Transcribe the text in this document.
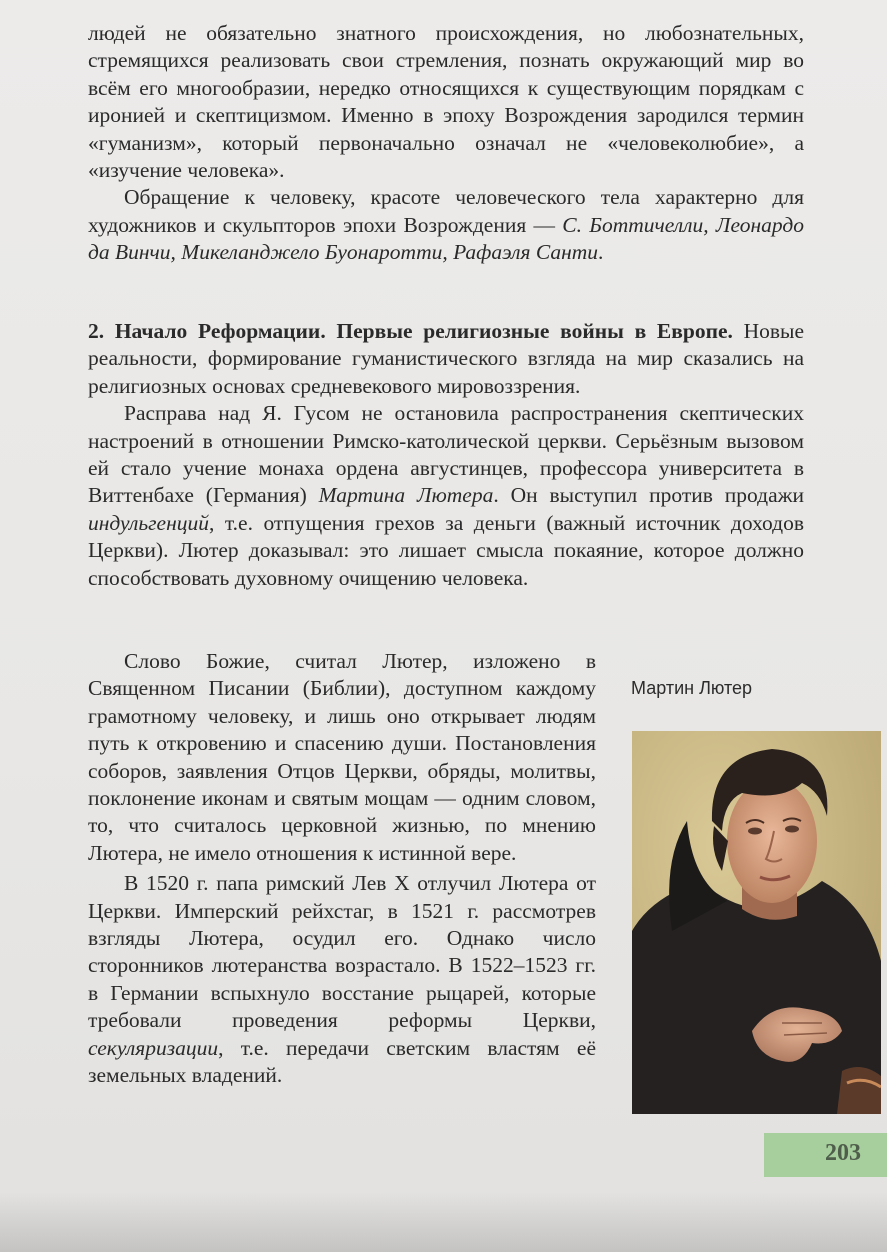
людей не обязательно знатного происхождения, но любознательных, стремящихся реализовать свои стремления, познать окружающий мир во всём его многообразии, нередко относящихся к существующим порядкам с иронией и скептицизмом. Именно в эпоху Возрождения зародился термин «гуманизм», который первоначально означал не «человеколюбие», а «изучение человека».

Обращение к человеку, красоте человеческого тела характерно для художников и скульпторов эпохи Возрождения — С. Боттичелли, Леонардо да Винчи, Микеланджело Буонаротти, Рафаэля Санти.

2. Начало Реформации. Первые религиозные войны в Европе. Новые реальности, формирование гуманистического взгляда на мир сказались на религиозных основах средневекового мировоззрения.

Расправа над Я. Гусом не остановила распространения скептических настроений в отношении Римско-католической церкви. Серьёзным вызовом ей стало учение монаха ордена августинцев, профессора университета в Виттенбахе (Германия) Мартина Лютера. Он выступил против продажи индульгенций, т.е. отпущения грехов за деньги (важный источник доходов Церкви). Лютер доказывал: это лишает смысла покаяние, которое должно способствовать духовному очищению человека.

Слово Божие, считал Лютер, изложено в Священном Писании (Библии), доступном каждому грамотному человеку, и лишь оно открывает людям путь к откровению и спасению души. Постановления соборов, заявления Отцов Церкви, обряды, молитвы, поклонение иконам и святым мощам — одним словом, то, что считалось церковной жизнью, по мнению Лютера, не имело отношения к истинной вере.

В 1520 г. папа римский Лев X отлучил Лютера от Церкви. Имперский рейхстаг, в 1521 г. рассмотрев взгляды Лютера, осудил его. Однако число сторонников лютеранства возрастало. В 1522–1523 гг. в Германии вспыхнуло восстание рыцарей, которые требовали проведения реформы Церкви, секуляризации, т.е. передачи светским властям её земельных владений.

Мартин Лютер
203
